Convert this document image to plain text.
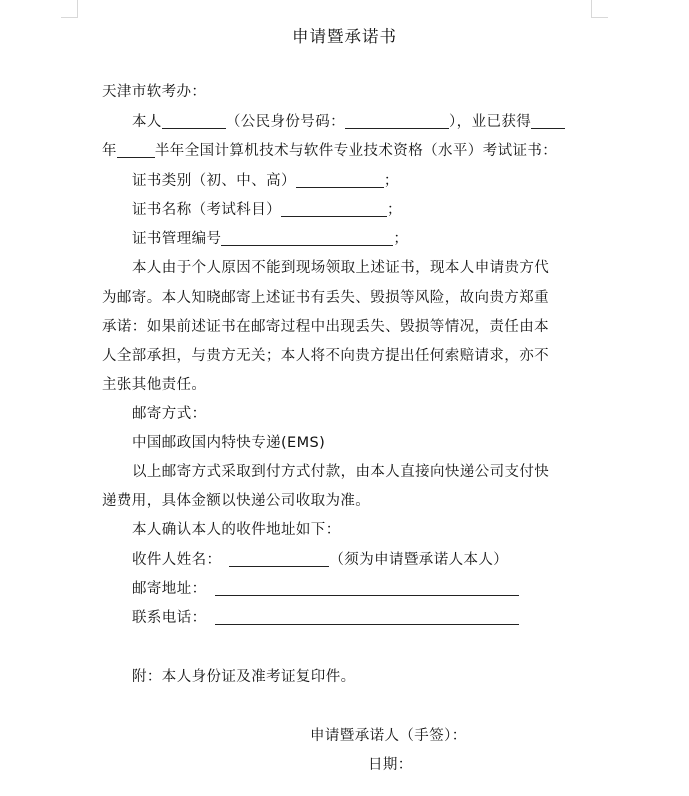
申请暨承诺书
天津市软考办：
本人	（公民身份号码：	），业已获得
年	半年全国计算机技术与软件专业技术资格（水平）考试证书：
证书类别（初、中、高）	；
证书名称（考试科目）	；
证书管理编号	；
本人由于个人原因不能到现场领取上述证书，现本人申请贵方代
为邮寄。本人知晓邮寄上述证书有丢失、毁损等风险，故向贵方郑重
承诺：如果前述证书在邮寄过程中出现丢失、毁损等情况，责任由本
人全部承担，与贵方无关；本人将不向贵方提出任何索赔请求，亦不
主张其他责任。
邮寄方式：
中国邮政国内特快专递(EMS)
以上邮寄方式采取到付方式付款，由本人直接向快递公司支付快
递费用，具体金额以快递公司收取为准。
本人确认本人的收件地址如下：
收件人姓名：	（须为申请暨承诺人本人）
邮寄地址：
联系电话：
附：本人身份证及准考证复印件。
申请暨承诺人（手签）：
日期：
